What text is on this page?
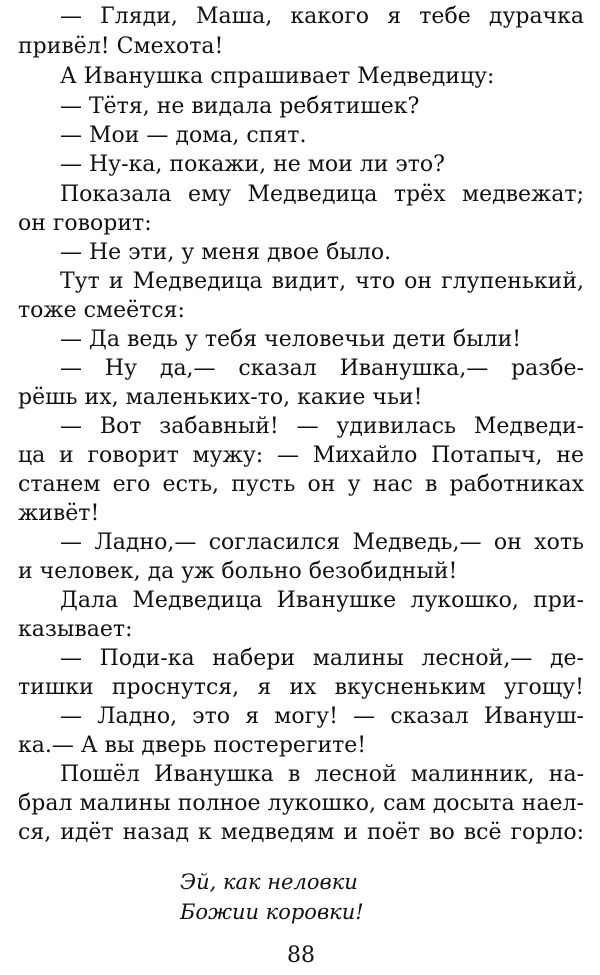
— Гляди, Маша, какого я тебе дурачка
привёл! Смехота!
А Иванушка спрашивает Медведицу:
— Тётя, не видала ребятишек?
— Мои — дома, спят.
— Ну-ка, покажи, не мои ли это?
Показала ему Медведица трёх медвежат;
он говорит:
— Не эти, у меня двое было.
Тут и Медведица видит, что он глупенький,
тоже смеётся:
— Да ведь у тебя человечьи дети были!
— Ну да,— сказал Иванушка,— разбе-
рёшь их, маленьких-то, какие чьи!
— Вот забавный! — удивилась Медведи-
ца и говорит мужу: — Михайло Потапыч, не
станем его есть, пусть он у нас в работниках
живёт!
— Ладно,— согласился Медведь,— он хоть
и человек, да уж больно безобидный!
Дала Медведица Иванушке лукошко, при-
казывает:
— Поди-ка набери малины лесной,— де-
тишки проснутся, я их вкусненьким угощу!
— Ладно, это я могу! — сказал Ивануш-
ка.— А вы дверь постерегите!
Пошёл Иванушка в лесной малинник, на-
брал малины полное лукошко, сам досыта наел-
ся, идёт назад к медведям и поёт во всё горло:
Эй, как неловки
Божии коровки!
88
